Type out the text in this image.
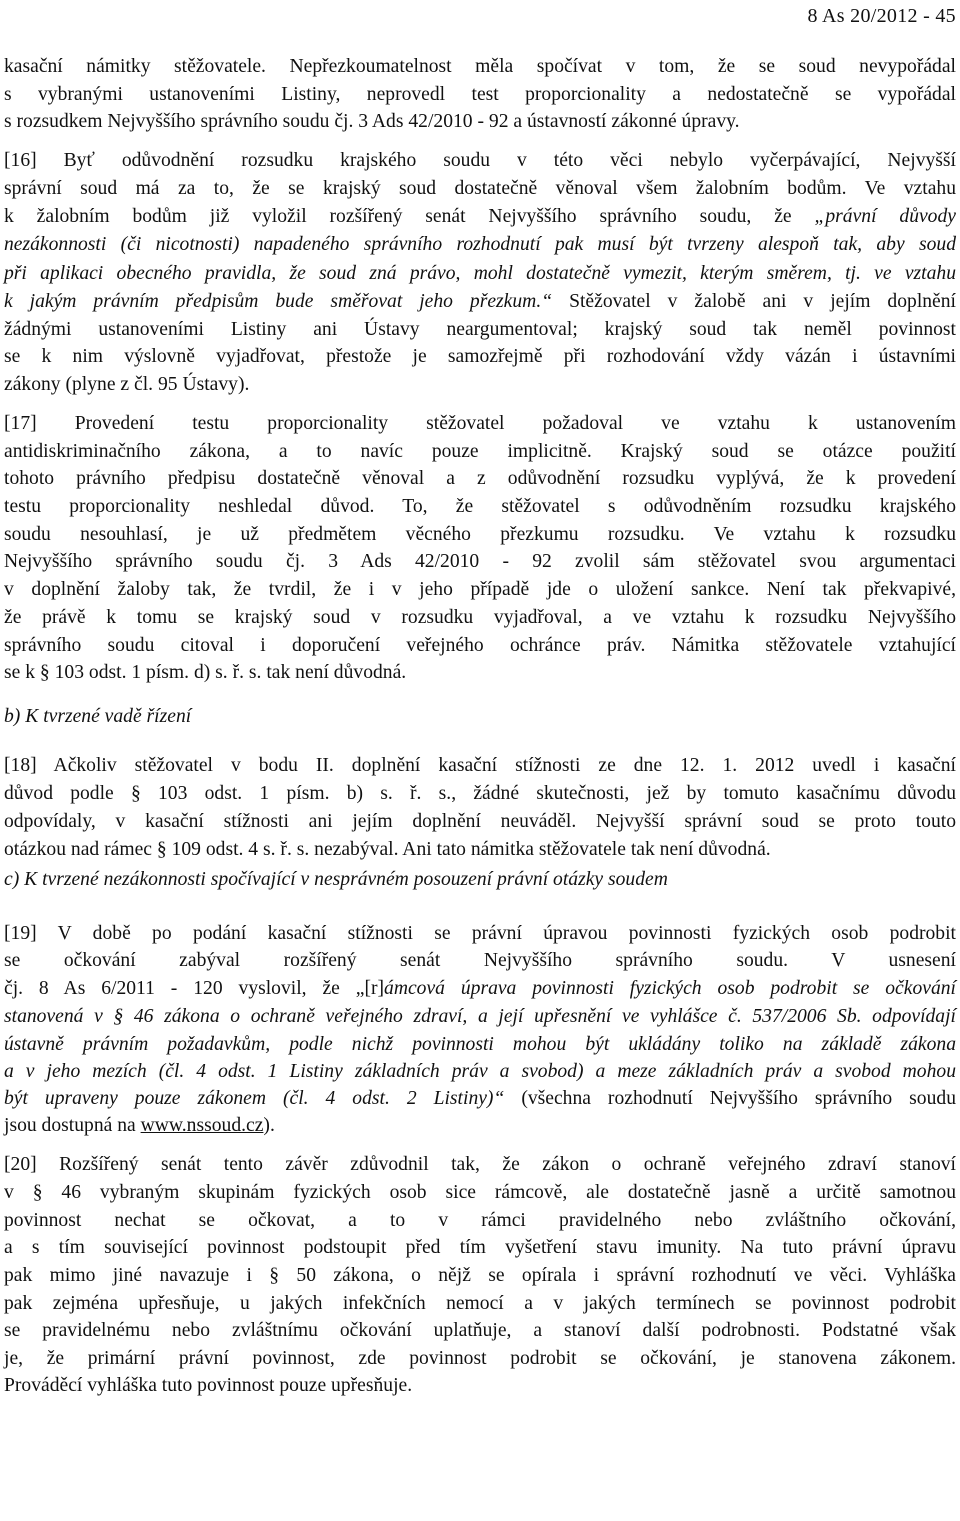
8 As 20/2012 - 45
kasační námitky stěžovatele. Nepřezkoumatelnost měla spočívat v tom, že se soud nevypořádal
s vybranými ustanoveními Listiny, neprovedl test proporcionality a nedostatečně se vypořádal
s rozsudkem Nejvyššího správního soudu čj. 3 Ads 42/2010 - 92 a ústavností zákonné úpravy.
[16] Byť odůvodnění rozsudku krajského soudu v této věci nebylo vyčerpávající, Nejvyšší
správní soud má za to, že se krajský soud dostatečně věnoval všem žalobním bodům. Ve vztahu
k žalobním bodům již vyložil rozšířený senát Nejvyššího správního soudu, že „právní důvody
nezákonnosti (či nicotnosti) napadeného správního rozhodnutí pak musí být tvrzeny alespoň tak, aby soud
při aplikaci obecného pravidla, že soud zná právo, mohl dostatečně vymezit, kterým směrem, tj. ve vztahu
k jakým právním předpisům bude směřovat jeho přezkum.“ Stěžovatel v žalobě ani v jejím doplnění
žádnými ustanoveními Listiny ani Ústavy neargumentoval; krajský soud tak neměl povinnost
se k nim výslovně vyjadřovat, přestože je samozřejmě při rozhodování vždy vázán i ústavními
zákony (plyne z čl. 95 Ústavy).
[17] Provedení testu proporcionality stěžovatel požadoval ve vztahu k ustanovením
antidiskriminačního zákona, a to navíc pouze implicitně. Krajský soud se otázce použití
tohoto právního předpisu dostatečně věnoval a z odůvodnění rozsudku vyplývá, že k provedení
testu proporcionality neshledal důvod. To, že stěžovatel s odůvodněním rozsudku krajského
soudu nesouhlasí, je už předmětem věcného přezkumu rozsudku. Ve vztahu k rozsudku
Nejvyššího správního soudu čj. 3 Ads 42/2010 - 92 zvolil sám stěžovatel svou argumentaci
v doplnění žaloby tak, že tvrdil, že i v jeho případě jde o uložení sankce. Není tak překvapivé,
že právě k tomu se krajský soud v rozsudku vyjadřoval, a ve vztahu k rozsudku Nejvyššího
správního soudu citoval i doporučení veřejného ochránce práv. Námitka stěžovatele vztahující
se k § 103 odst. 1 písm. d) s. ř. s. tak není důvodná.
b) K tvrzené vadě řízení
[18] Ačkoliv stěžovatel v bodu II. doplnění kasační stížnosti ze dne 12. 1. 2012 uvedl i kasační
důvod podle § 103 odst. 1 písm. b) s. ř. s., žádné skutečnosti, jež by tomuto kasačnímu důvodu
odpovídaly, v kasační stížnosti ani jejím doplnění neuváděl. Nejvyšší správní soud se proto touto
otázkou nad rámec § 109 odst. 4 s. ř. s. nezabýval. Ani tato námitka stěžovatele tak není důvodná.
c) K tvrzené nezákonnosti spočívající v nesprávném posouzení právní otázky soudem
[19] V době po podání kasační stížnosti se právní úpravou povinnosti fyzických osob podrobit
se očkování zabýval rozšířený senát Nejvyššího správního soudu. V usnesení
čj. 8 As 6/2011 - 120 vyslovil, že „[r]ámcová úprava povinnosti fyzických osob podrobit se očkování
stanovená v § 46 zákona o ochraně veřejného zdraví, a její upřesnění ve vyhlášce č. 537/2006 Sb. odpovídají
ústavně právním požadavkům, podle nichž povinnosti mohou být ukládány toliko na základě zákona
a v jeho mezích (čl. 4 odst. 1 Listiny základních práv a svobod) a meze základních práv a svobod mohou
být upraveny pouze zákonem (čl. 4 odst. 2 Listiny)“ (všechna rozhodnutí Nejvyššího správního soudu
jsou dostupná na www.nssoud.cz).
[20] Rozšířený senát tento závěr zdůvodnil tak, že zákon o ochraně veřejného zdraví stanoví
v § 46 vybraným skupinám fyzických osob sice rámcově, ale dostatečně jasně a určitě samotnou
povinnost nechat se očkovat, a to v rámci pravidelného nebo zvláštního očkování,
a s tím související povinnost podstoupit před tím vyšetření stavu imunity. Na tuto právní úpravu
pak mimo jiné navazuje i § 50 zákona, o nějž se opírala i správní rozhodnutí ve věci. Vyhláška
pak zejména upřesňuje, u jakých infekčních nemocí a v jakých termínech se povinnost podrobit
se pravidelnému nebo zvláštnímu očkování uplatňuje, a stanoví další podrobnosti. Podstatné však
je, že primární právní povinnost, zde povinnost podrobit se očkování, je stanovena zákonem.
Prováděcí vyhláška tuto povinnost pouze upřesňuje.
